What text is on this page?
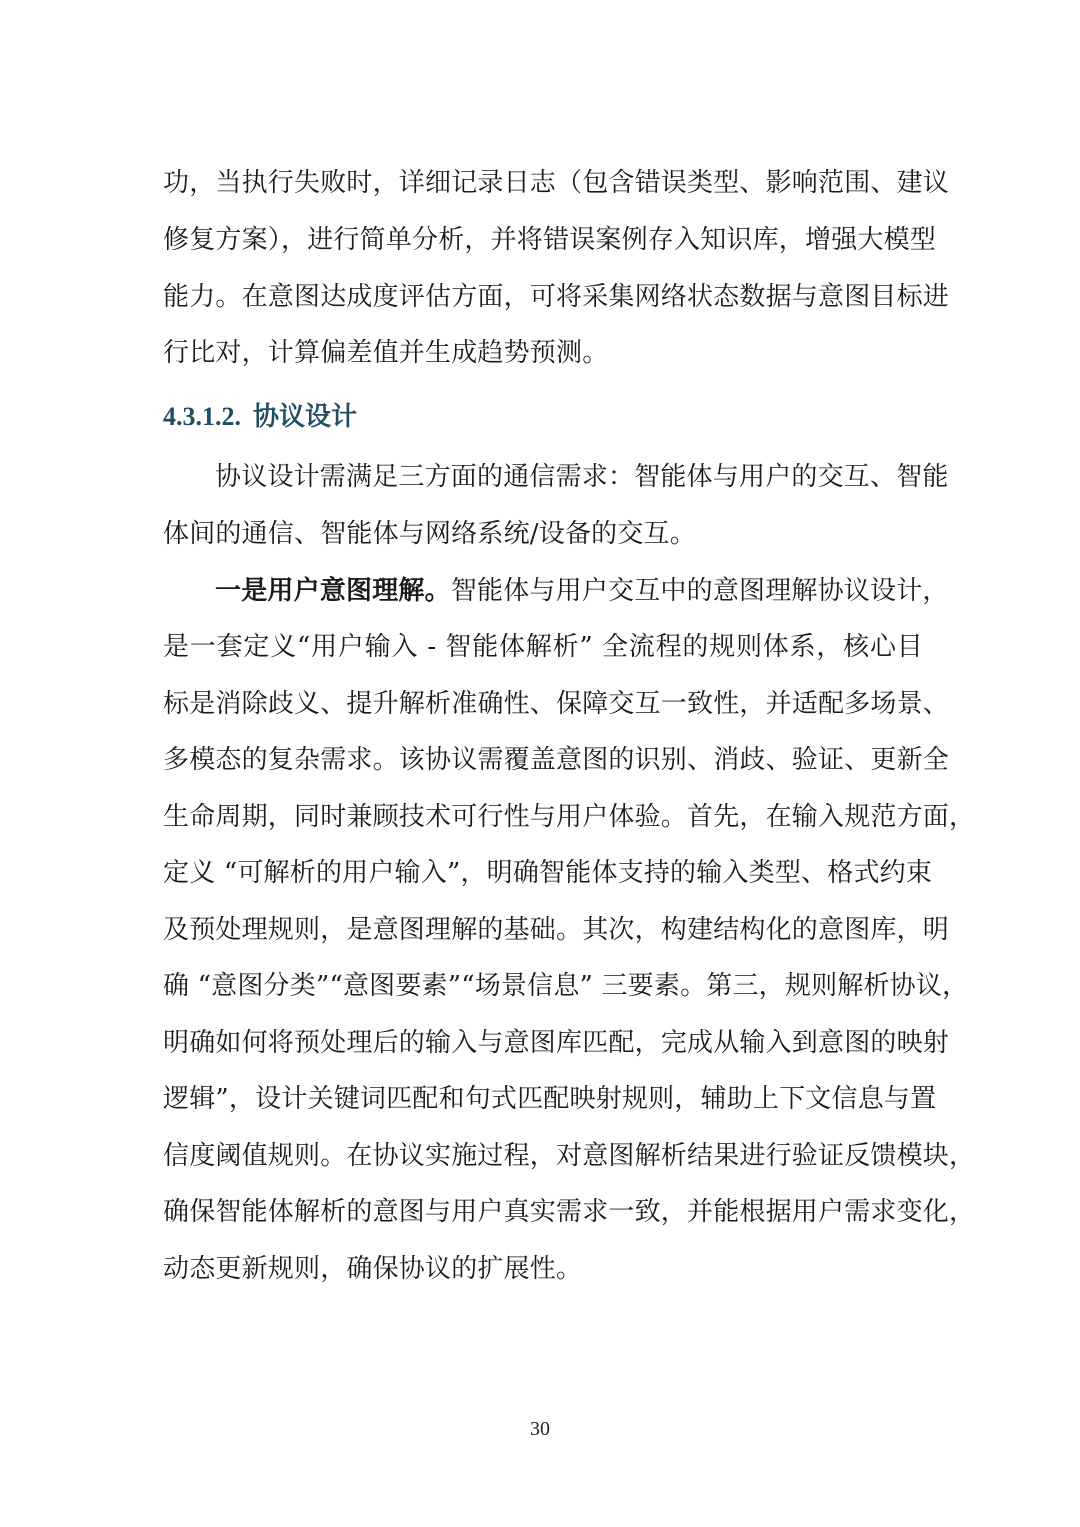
功，当执行失败时，详细记录日志（包含错误类型、影响范围、建议
修复方案），进行简单分析，并将错误案例存入知识库，增强大模型
能力。在意图达成度评估方面，可将采集网络状态数据与意图目标进
行比对，计算偏差值并生成趋势预测。
4.3.1.2. 协议设计
协议设计需满足三方面的通信需求：智能体与用户的交互、智能
体间的通信、智能体与网络系统/设备的交互。
一是用户意图理解。智能体与用户交互中的意图理解协议设计，
是一套定义“用户输入 - 智能体解析” 全流程的规则体系，核心目
标是消除歧义、提升解析准确性、保障交互一致性，并适配多场景、
多模态的复杂需求。该协议需覆盖意图的识别、消歧、验证、更新全
生命周期，同时兼顾技术可行性与用户体验。首先，在输入规范方面，
定义 “可解析的用户输入”，明确智能体支持的输入类型、格式约束
及预处理规则，是意图理解的基础。其次，构建结构化的意图库，明
确 “意图分类”“意图要素”“场景信息” 三要素。第三，规则解析协议，
明确如何将预处理后的输入与意图库匹配，完成从输入到意图的映射
逻辑”，设计关键词匹配和句式匹配映射规则，辅助上下文信息与置
信度阈值规则。在协议实施过程，对意图解析结果进行验证反馈模块，
确保智能体解析的意图与用户真实需求一致，并能根据用户需求变化，
动态更新规则，确保协议的扩展性。
30
